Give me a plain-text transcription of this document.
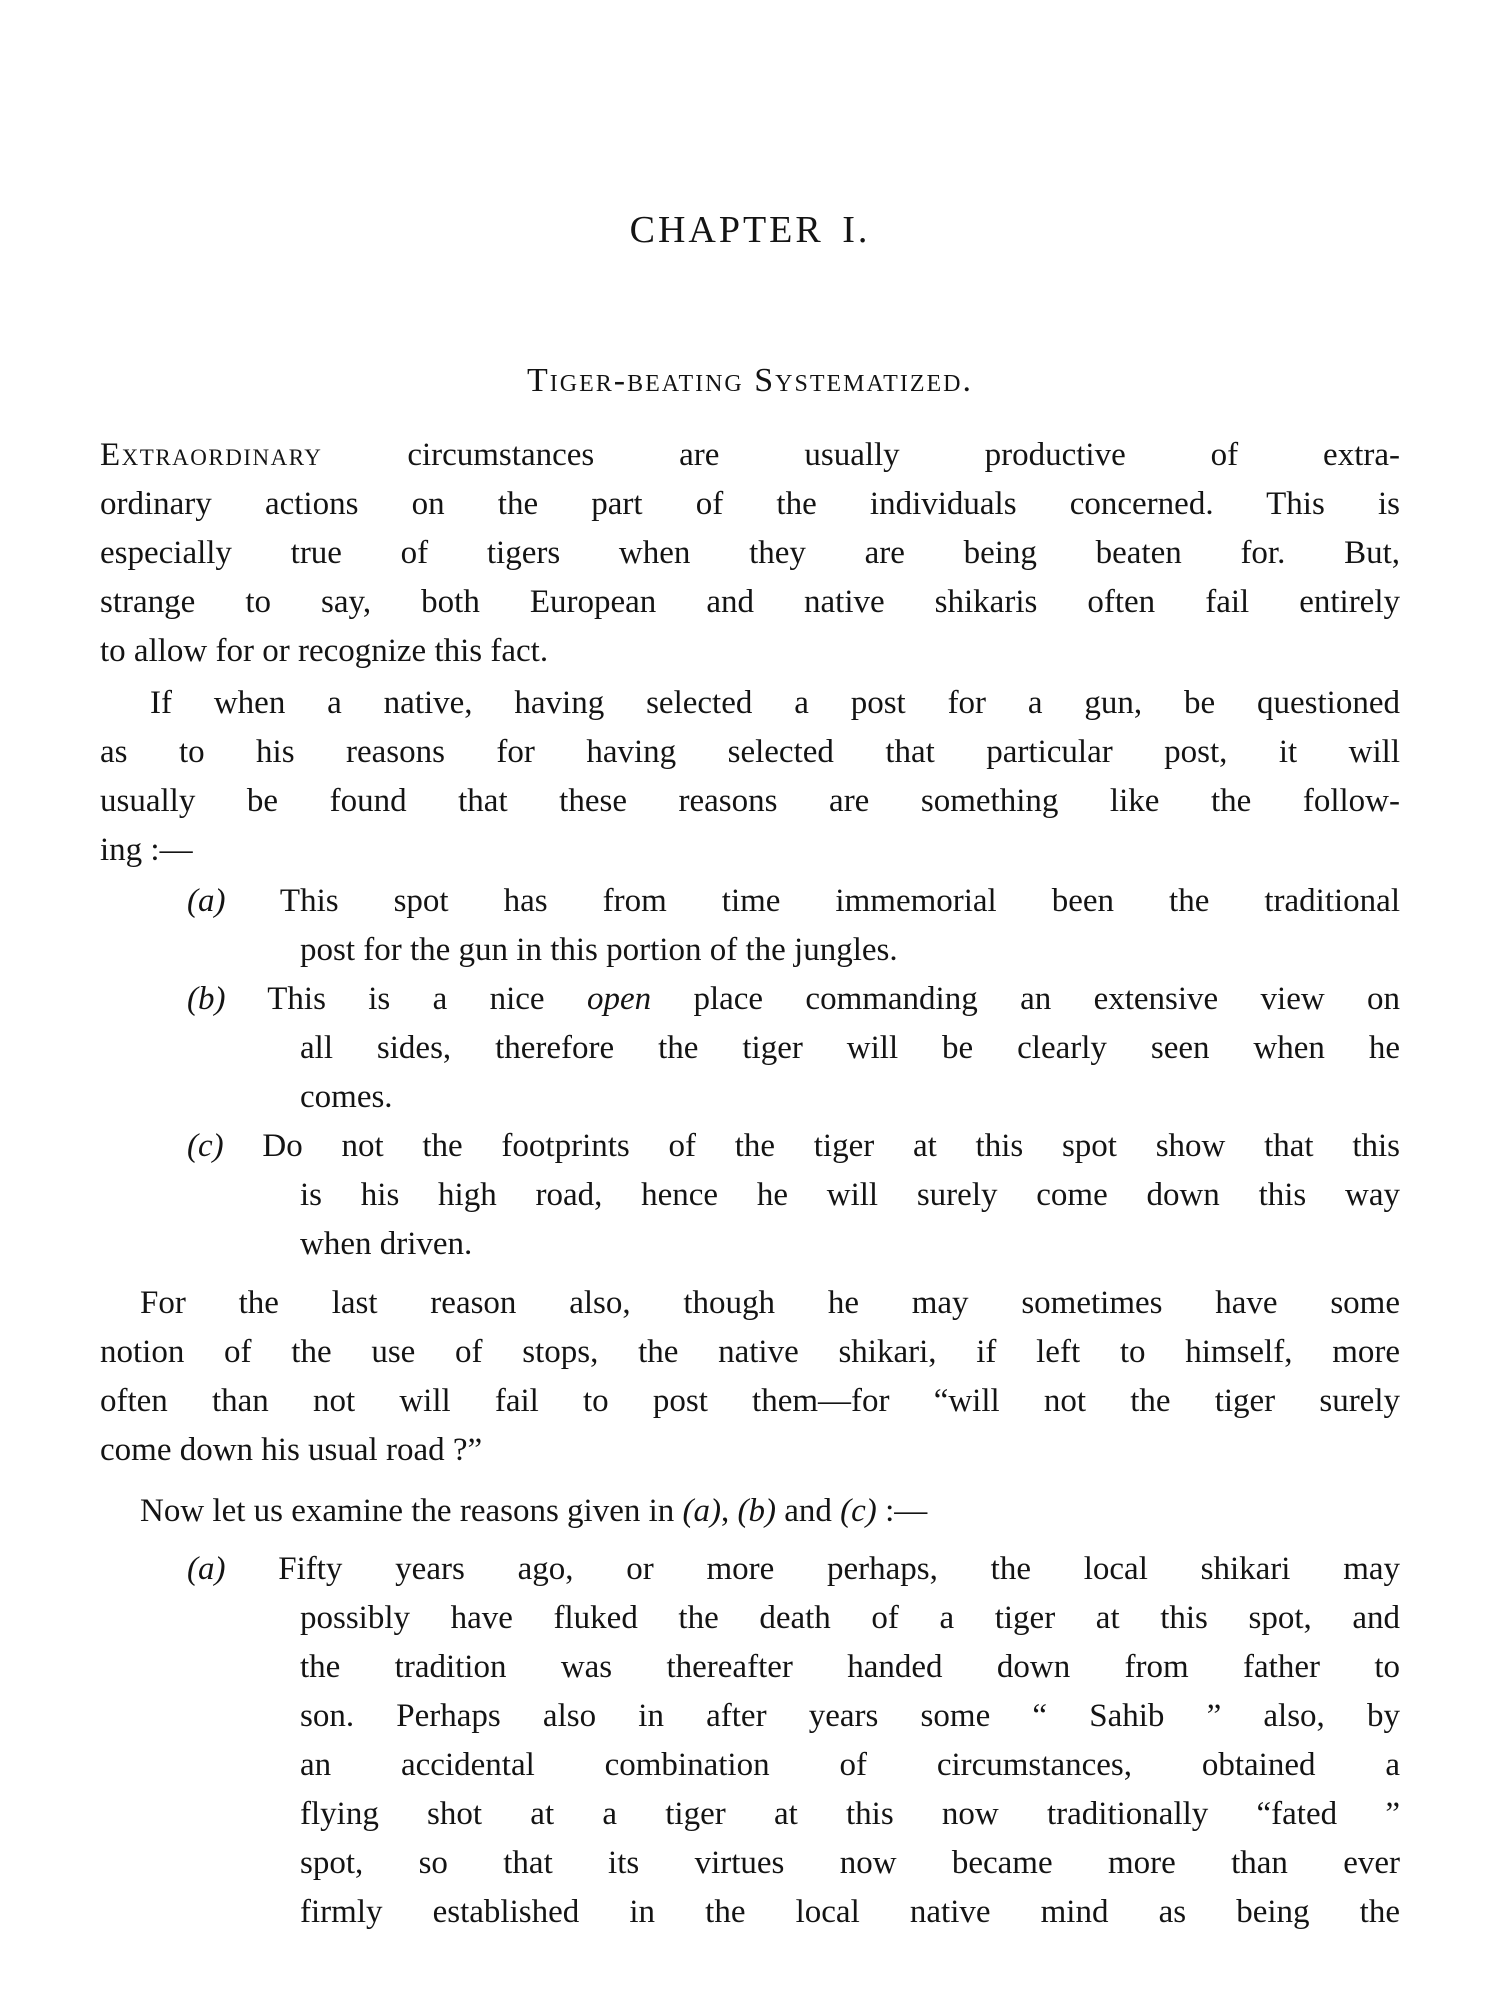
CHAPTER I.
Tiger-beating Systematized.
Extraordinary	circumstances are usually productive of extra-
ordinary actions on the part of the individuals concerned. This is
especially true of tigers when they are being beaten for. But,
strange to say, both European and native shikaris often fail entirely
to allow for or recognize this fact.
If when a native, having selected a post for a gun, be questioned
as to his reasons for having selected that particular post, it will
usually be found that these reasons are something like the follow-
ing :—
(a) This spot has from time immemorial been the traditional
post for the gun in this portion of the jungles.
(b) This is a nice open place commanding an extensive view on
all sides, therefore the tiger will be clearly seen when he
comes.
(c) Do not the footprints of the tiger at this spot show that this
is his high road, hence he will surely come down this way
when driven.
For the last reason also, though he may sometimes have some
notion of the use of stops, the native shikari, if left to himself, more
often than not will fail to post them—for “will not the tiger surely
come down his usual road ?”
Now let us examine the reasons given in (a), (b) and (c) :—
(a) Fifty years ago, or more perhaps, the local shikari may
possibly have fluked the death of a tiger at this spot, and
the tradition was thereafter handed down from father to
son. Perhaps also in after years some “ Sahib ” also, by
an accidental combination of circumstances, obtained a
flying shot at a tiger at this now traditionally “fated ”
spot, so that its virtues now became more than ever
firmly established in the local native mind as being the
